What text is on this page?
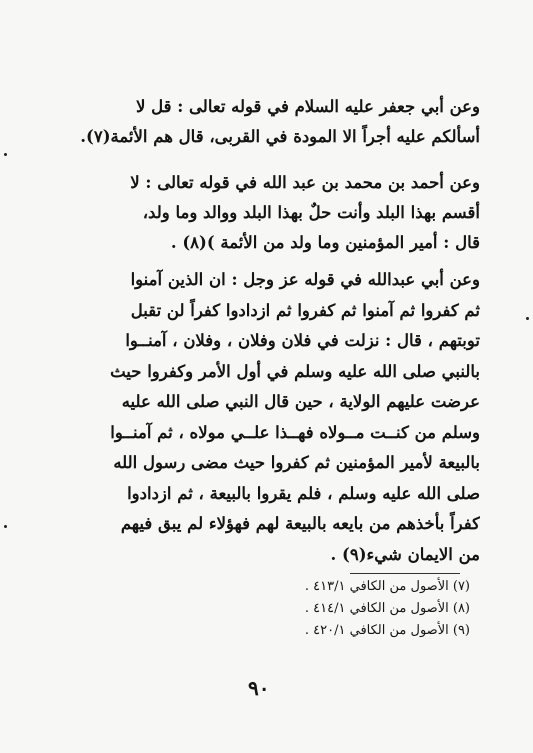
وعن أبي جعفر عليه السلام في قوله تعالى : قل لا
أسألكم عليه أجراً الا المودة في القربى، قال هم الأئمة(٧).
وعن أحمد بن محمد بن عبد الله في قوله تعالى : لا
أقسم بهذا البلد وأنت حلٌ بهذا البلد ووالد وما ولد،
قال : أمير المؤمنين وما ولد من الأئمة )(٨) .
وعن أبي عبدالله في قوله عز وجل : ان الذين آمنوا
ثم كفروا ثم آمنوا ثم كفروا ثم ازدادوا كفراً لن تقبل
توبتهم ، قال : نزلت في فلان وفلان ، وفلان ، آمنــوا
بالنبي صلى الله عليه وسلم في أول الأمر وكفروا حيث
عرضت عليهم الولاية ، حين قال النبي صلى الله عليه
وسلم من كنــت مــولاه فهــذا علــي مولاه ، ثم آمنــوا
بالبيعة لأمير المؤمنين ثم كفروا حيث مضى رسول الله
صلى الله عليه وسلم ، فلم يقروا بالبيعة ، ثم ازدادوا
كفراً بأخذهم من بايعه بالبيعة لهم فهؤلاء لم يبق فيهم
من الايمان شيء(٩) .
(٧) الأصول من الكافي ٤١٣/١ .
(٨) الأصول من الكافي ٤١٤/١ .
(٩) الأصول من الكافي ٤٢٠/١ .
٩٠
